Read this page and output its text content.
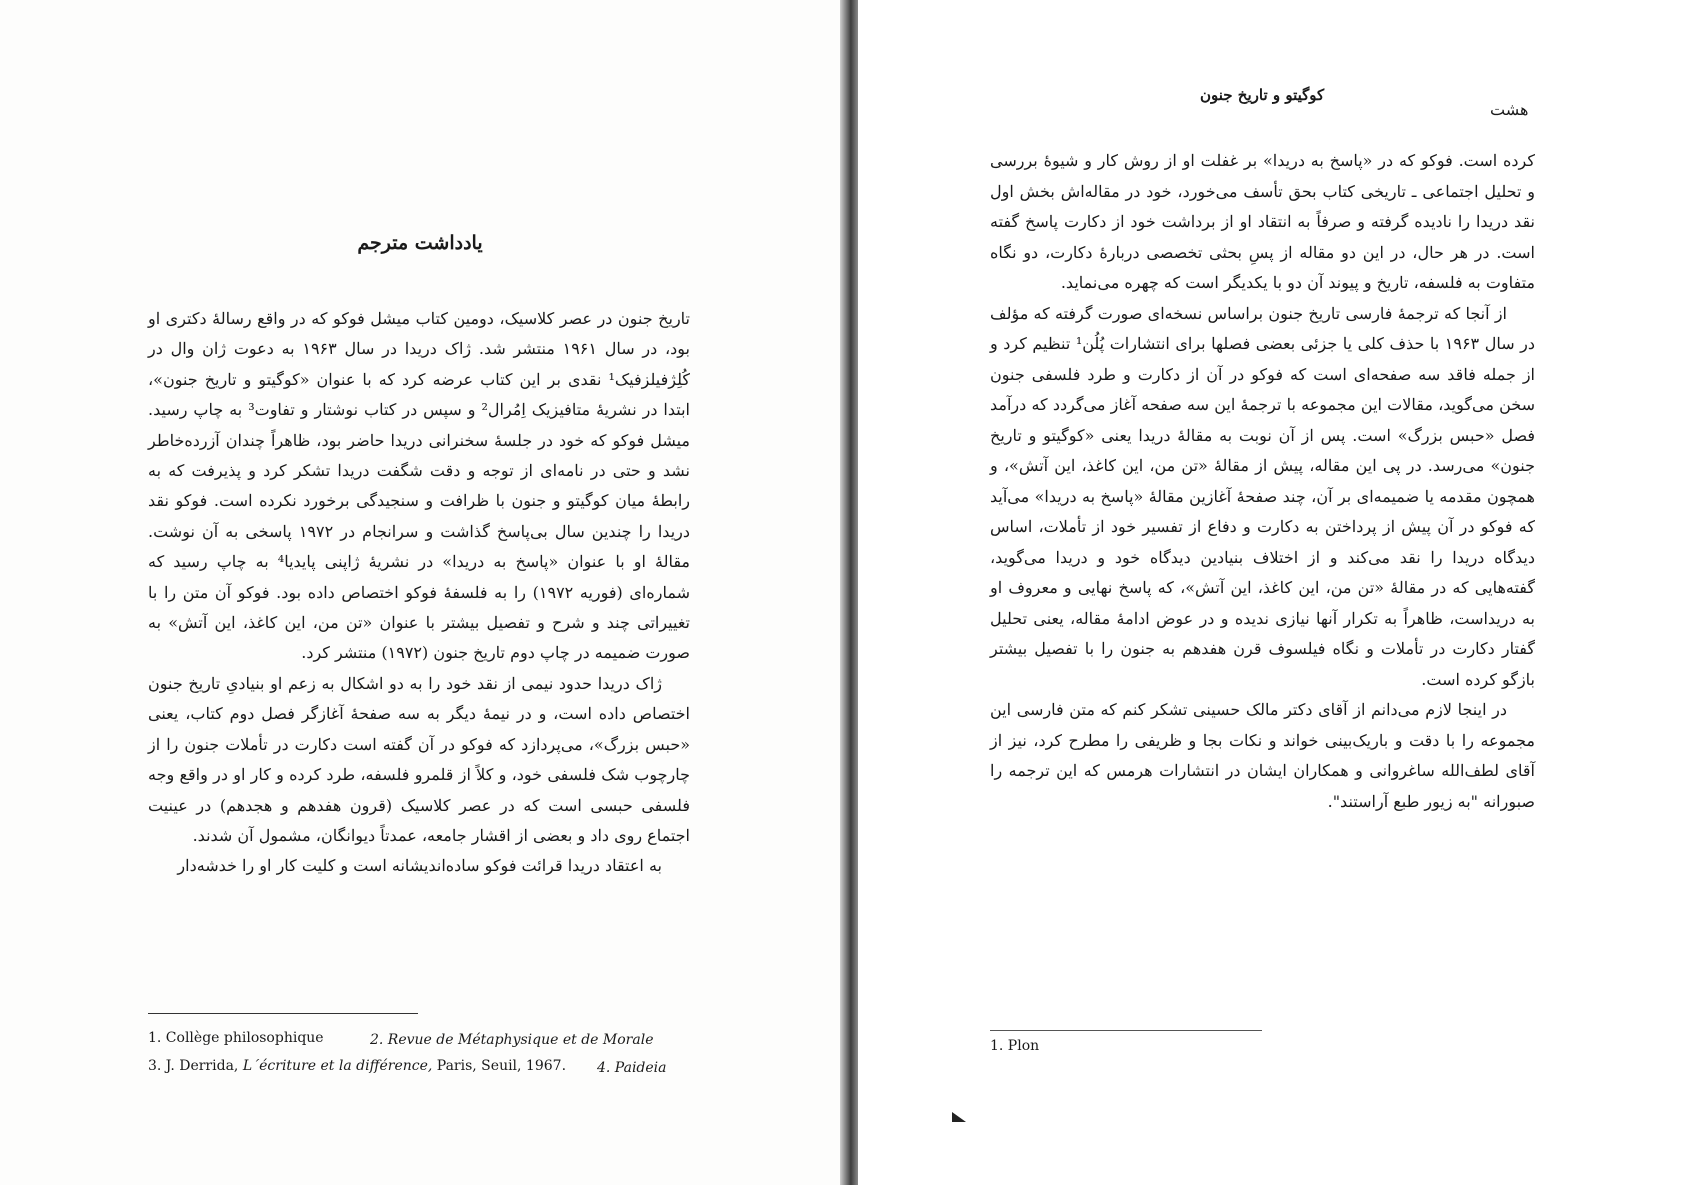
یادداشت مترجم

تاریخ جنون در عصر کلاسیک، دومین کتاب میشل فوکو که در واقع رسالهٔ دکتری او بود، در سال ۱۹۶۱ منتشر شد. ژاک دریدا در سال ۱۹۶۳ به دعوت ژان وال در کُلِژفیلزفیک¹ نقدی بر این کتاب عرضه کرد که با عنوان «کوگیتو و تاریخ جنون»، ابتدا در نشریهٔ متافیزیک اِمُرال² و سپس در کتاب نوشتار و تفاوت³ به چاپ رسید. میشل فوکو که خود در جلسهٔ سخنرانی دریدا حاضر بود، ظاهراً چندان آزرده‌خاطر نشد و حتی در نامه‌ای از توجه و دقت شگفت دریدا تشکر کرد و پذیرفت که به رابطهٔ میان کوگیتو و جنون با ظرافت و سنجیدگی برخورد نکرده است. فوکو نقد دریدا را چندین سال بی‌پاسخ گذاشت و سرانجام در ۱۹۷۲ پاسخی به آن نوشت. مقالهٔ او با عنوان «پاسخ به دریدا» در نشریهٔ ژاپنی پایدیا⁴ به چاپ رسید که شماره‌ای (فوریه ۱۹۷۲) را به فلسفهٔ فوکو اختصاص داده بود. فوکو آن متن را با تغییراتی چند و شرح و تفصیل بیشتر با عنوان «تن من، این کاغذ، این آتش» به صورت ضمیمه در چاپ دوم تاریخ جنون (۱۹۷۲) منتشر کرد.

ژاک دریدا حدود نیمی از نقد خود را به دو اشکال به زعم او بنیادیِ تاریخ جنون اختصاص داده است، و در نیمهٔ دیگر به سه صفحهٔ آغازگر فصل دوم کتاب، یعنی «حبس بزرگ»، می‌پردازد که فوکو در آن گفته است دکارت در تأملات جنون را از چارچوب شک فلسفی خود، و کلاً از قلمرو فلسفه، طرد کرده و کار او در واقع وجه فلسفی حبسی است که در عصر کلاسیک (قرون هفدهم و هجدهم) در عینیت اجتماع روی داد و بعضی از اقشار جامعه، عمدتاً دیوانگان، مشمول آن شدند.

به اعتقاد دریدا قرائت فوکو ساده‌اندیشانه است و کلیت کار او را خدشه‌دار

1. Collège philosophique	2. Revue de Métaphysique et de Morale
3. J. Derrida, L´écriture et la différence, Paris, Seuil, 1967. 4. Paideia
کوگیتو و تاریخ جنون
هشت

کرده است. فوکو که در «پاسخ به دریدا» بر غفلت او از روش کار و شیوهٔ بررسی و تحلیل اجتماعی ـ تاریخی کتاب بحق تأسف می‌خورد، خود در مقاله‌اش بخش اول نقد دریدا را نادیده گرفته و صرفاً به انتقاد او از برداشت خود از دکارت پاسخ گفته است. در هر حال، در این دو مقاله از پسِ بحثی تخصصی دربارهٔ دکارت، دو نگاه متفاوت به فلسفه، تاریخ و پیوند آن دو با یکدیگر است که چهره می‌نماید.

از آنجا که ترجمهٔ فارسی تاریخ جنون براساس نسخه‌ای صورت گرفته که مؤلف در سال ۱۹۶۳ با حذف کلی یا جزئی بعضی فصلها برای انتشارات پُلُن¹ تنظیم کرد و از جمله فاقد سه صفحه‌ای است که فوکو در آن از دکارت و طرد فلسفی جنون سخن می‌گوید، مقالات این مجموعه با ترجمهٔ این سه صفحه آغاز می‌گردد که درآمد فصل «حبس بزرگ» است. پس از آن نوبت به مقالهٔ دریدا یعنی «کوگیتو و تاریخ جنون» می‌رسد. در پی این مقاله، پیش از مقالهٔ «تن من، این کاغذ، این آتش»، و همچون مقدمه یا ضمیمه‌ای بر آن، چند صفحهٔ آغازین مقالهٔ «پاسخ به دریدا» می‌آید که فوکو در آن پیش از پرداختن به دکارت و دفاع از تفسیر خود از تأملات، اساس دیدگاه دریدا را نقد می‌کند و از اختلاف بنیادین دیدگاه خود و دریدا می‌گوید، گفته‌هایی که در مقالهٔ «تن من، این کاغذ، این آتش»، که پاسخ نهایی و معروف او به دریداست، ظاهراً به تکرار آنها نیازی ندیده و در عوض ادامهٔ مقاله، یعنی تحلیل گفتار دکارت در تأملات و نگاه فیلسوف قرن هفدهم به جنون را با تفصیل بیشتر بازگو کرده است.

در اینجا لازم می‌دانم از آقای دکتر مالک حسینی تشکر کنم که متن فارسی این مجموعه را با دقت و باریک‌بینی خواند و نکات بجا و ظریفی را مطرح کرد، نیز از آقای لطف‌الله ساغروانی و همکاران ایشان در انتشارات هرمس که این ترجمه را صبورانه "به زیور طبع آراستند".

1. Plon
